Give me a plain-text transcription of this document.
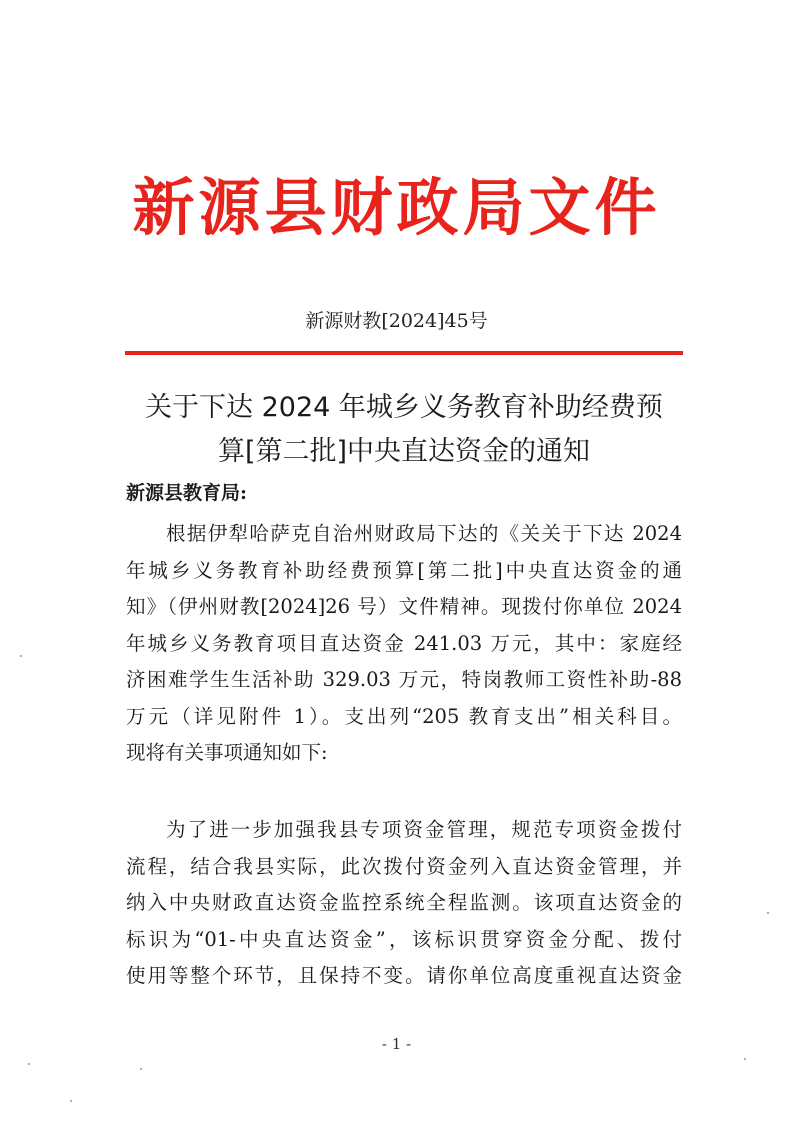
新源县财政局文件
新源财教[2024]45号
关于下达 2024 年城乡义务教育补助经费预
算[第二批]中央直达资金的通知
新源县教育局:
根据伊犁哈萨克自治州财政局下达的《关关于下达 2024
年城乡义务教育补助经费预算[第二批]中央直达资金的通
知》（伊州财教[2024]26 号）文件精神。现拨付你单位 2024
年城乡义务教育项目直达资金 241.03 万元，其中：家庭经
济困难学生生活补助 329.03 万元，特岗教师工资性补助-88
万元（详见附件 1）。支出列“205 教育支出”相关科目。
现将有关事项通知如下:
为了进一步加强我县专项资金管理，规范专项资金拨付
流程，结合我县实际，此次拨付资金列入直达资金管理，并
纳入中央财政直达资金监控系统全程监测。该项直达资金的
标识为“01-中央直达资金”，该标识贯穿资金分配、拨付
使用等整个环节，且保持不变。请你单位高度重视直达资金
- 1 -
